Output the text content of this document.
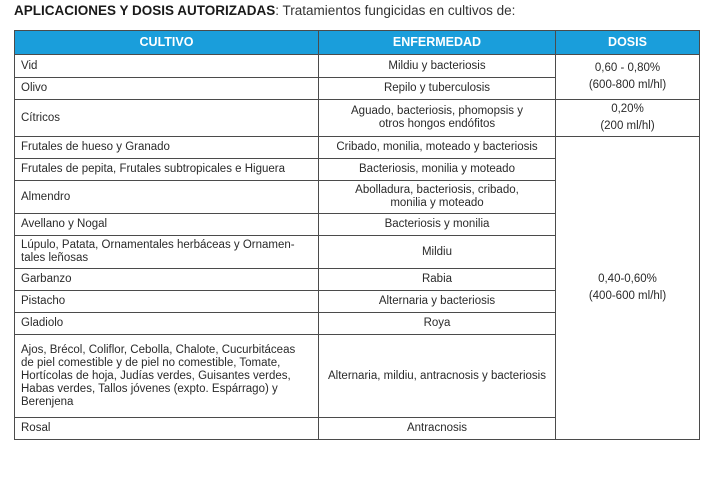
APLICACIONES Y DOSIS AUTORIZADAS: Tratamientos fungicidas en cultivos de:
CULTIVO	ENFERMEDAD	DOSIS

Vid	Mildiu y bacteriosis	0,60 - 0,80%
(600-800 ml/hl)

Olivo	Repilo y tuberculosis	

Cítricos	Aguado, bacteriosis, phomopsis y
otros hongos endófitos	0,20%
(200 ml/hl)

Frutales de hueso y Granado	Cribado, monilia, moteado y bacteriosis	0,40-0,60%
(400-600 ml/hl)

Frutales de pepita, Frutales subtropicales e Higuera	Bacteriosis, monilia y moteado	

Almendro	Abolladura, bacteriosis, cribado,
monilia y moteado	

Avellano y Nogal	Bacteriosis y monilia	

Lúpulo, Patata, Ornamentales herbáceas y Ornamen-
tales leñosas	Mildiu	

Garbanzo	Rabia	

Pistacho	Alternaria y bacteriosis	

Gladiolo	Roya	

Ajos, Brécol, Coliflor, Cebolla, Chalote, Cucurbitáceas
de piel comestible y de piel no comestible, Tomate,
Hortícolas de hoja, Judías verdes, Guisantes verdes,
Habas verdes, Tallos jóvenes (expto. Espárrago) y
Berenjena	Alternaria, mildiu, antracnosis y bacteriosis	

Rosal	Antracnosis	
